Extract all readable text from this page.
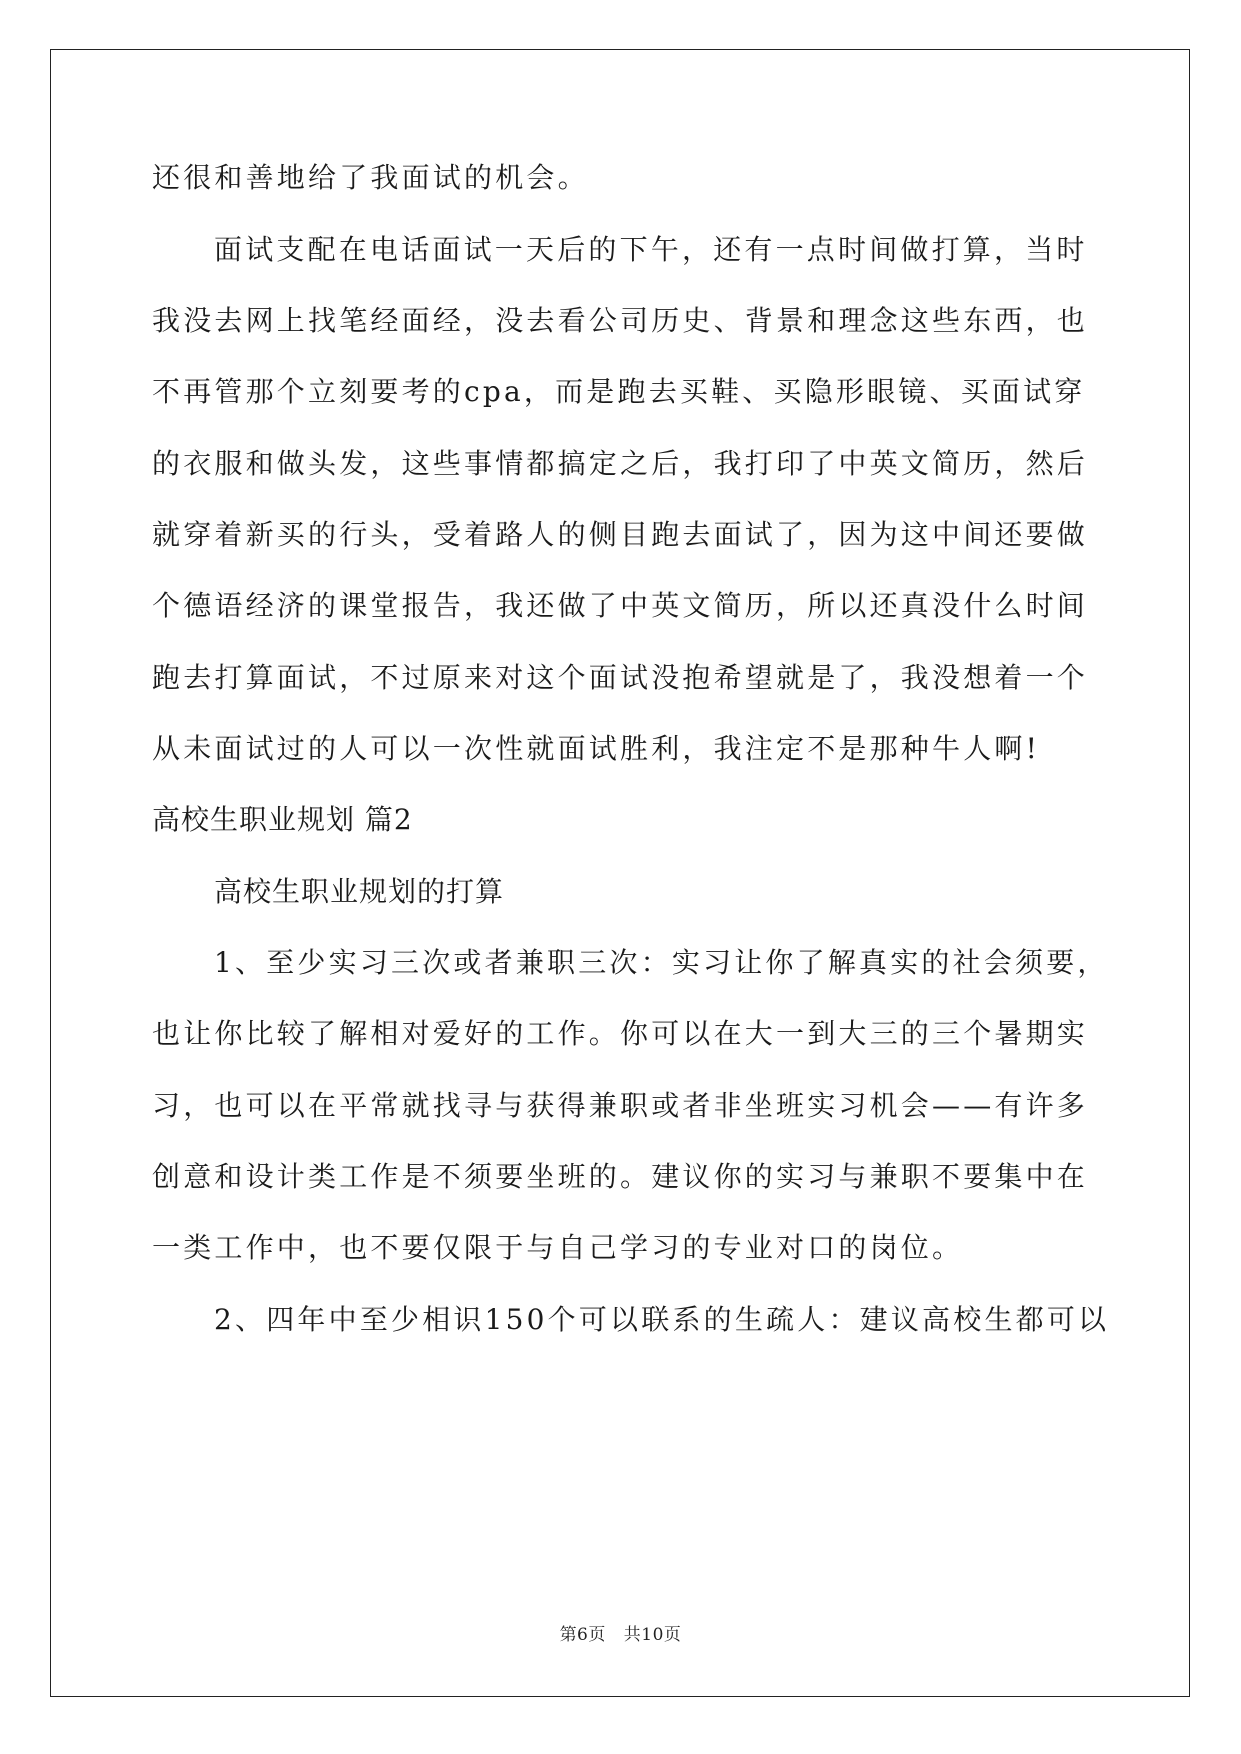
还很和善地给了我面试的机会。
面试支配在电话面试一天后的下午，还有一点时间做打算，当时
我没去网上找笔经面经，没去看公司历史、背景和理念这些东西，也
不再管那个立刻要考的cpa，而是跑去买鞋、买隐形眼镜、买面试穿
的衣服和做头发，这些事情都搞定之后，我打印了中英文简历，然后
就穿着新买的行头，受着路人的侧目跑去面试了，因为这中间还要做
个德语经济的课堂报告，我还做了中英文简历，所以还真没什么时间
跑去打算面试，不过原来对这个面试没抱希望就是了，我没想着一个
从未面试过的人可以一次性就面试胜利，我注定不是那种牛人啊!
高校生职业规划 篇2
高校生职业规划的打算
1、至少实习三次或者兼职三次：实习让你了解真实的社会须要，
也让你比较了解相对爱好的工作。你可以在大一到大三的三个暑期实
习，也可以在平常就找寻与获得兼职或者非坐班实习机会——有许多
创意和设计类工作是不须要坐班的。建议你的实习与兼职不要集中在
一类工作中，也不要仅限于与自己学习的专业对口的岗位。
2、四年中至少相识150个可以联系的生疏人：建议高校生都可以
第6页 共10页
